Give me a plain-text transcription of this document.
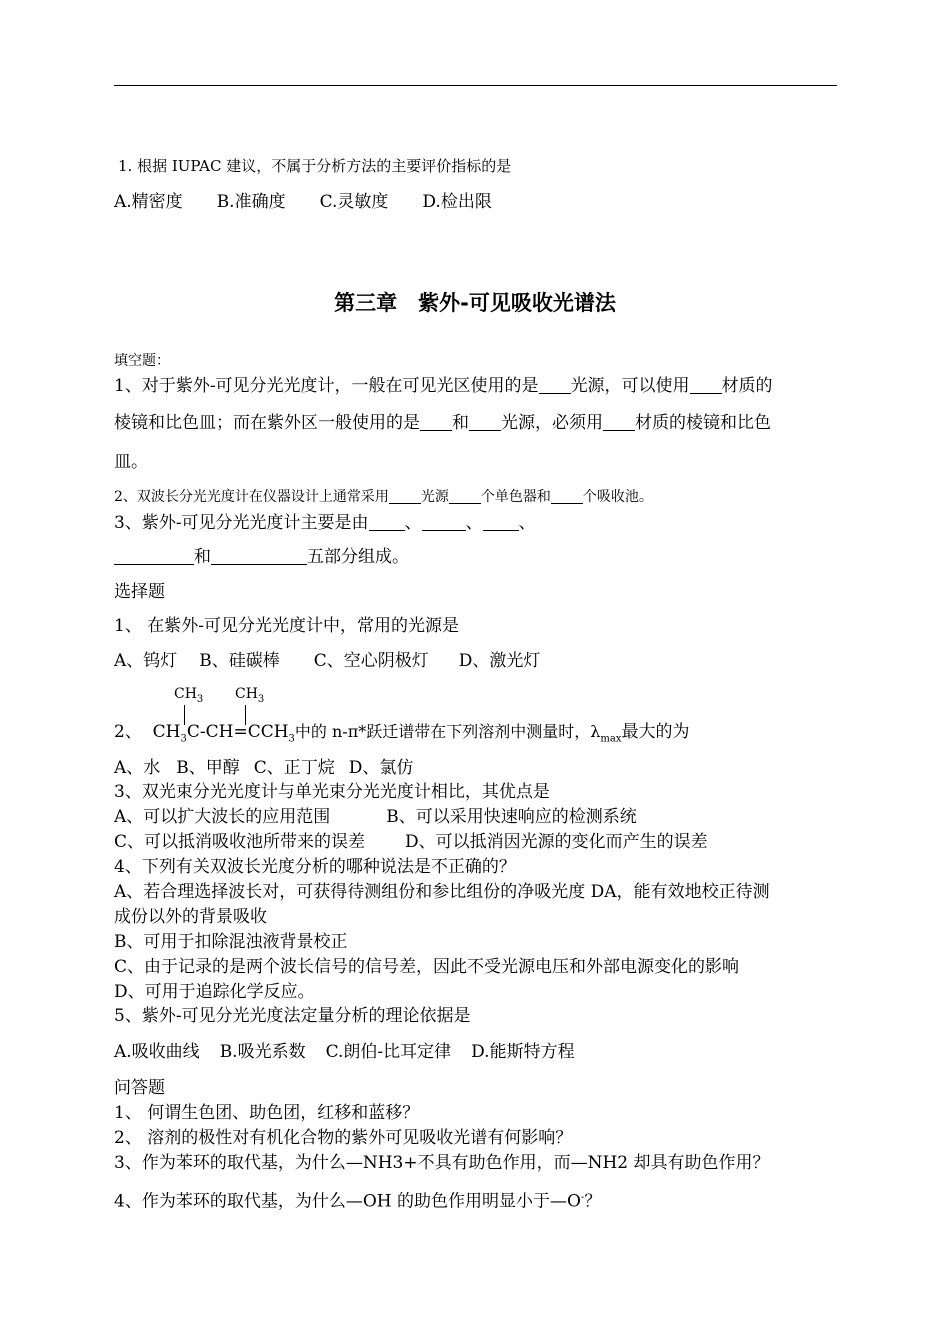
1. 根据 IUPAC 建议，不属于分析方法的主要评价指标的是
A.精密度 B.准确度 C.灵敏度 D.检出限
第三章　紫外-可见吸收光谱法
填空题：
1、对于紫外-可见分光光度计，一般在可见光区使用的是 光源，可以使用 材质的
棱镜和比色皿；而在紫外区一般使用的是 和 光源，必须用 材质的棱镜和比色
皿。
2、双波长分光光度计在仪器设计上通常采用 光源 个单色器和 个吸收池。
3、紫外-可见分光光度计主要是由 、	、 、
和	五部分组成。
选择题
1、 在紫外-可见分光光度计中，常用的光源是
A、钨灯 B、硅碳棒 C、空心阴极灯 D、激光灯
$CH_3$ $CH_3$
2、 $CH_3C-CH=CCH_3$中的 n-π*跃迁谱带在下列溶剂中测量时，$\lambda_{max}$最大的为
A、水 B、甲醇 C、正丁烷 D、氯仿
3、双光束分光光度计与单光束分光光度计相比，其优点是
A、可以扩大波长的应用范围	B、可以采用快速响应的检测系统
C、可以抵消吸收池所带来的误差 D、可以抵消因光源的变化而产生的误差
4、下列有关双波长光度分析的哪种说法是不正确的？
A、若合理选择波长对，可获得待测组份和参比组份的净吸光度 DA，能有效地校正待测
成份以外的背景吸收
B、可用于扣除混浊液背景校正
C、由于记录的是两个波长信号的信号差，因此不受光源电压和外部电源变化的影响
D、可用于追踪化学反应。
5、紫外-可见分光光度法定量分析的理论依据是
A.吸收曲线 B.吸光系数 C.朗伯-比耳定律 D.能斯特方程
问答题
1、 何谓生色团、助色团，红移和蓝移？
2、 溶剂的极性对有机化合物的紫外可见吸收光谱有何影响？
3、作为苯环的取代基，为什么—NH3+不具有助色作用，而—NH2 却具有助色作用？
4、作为苯环的取代基，为什么—OH 的助色作用明显小于—O-？
